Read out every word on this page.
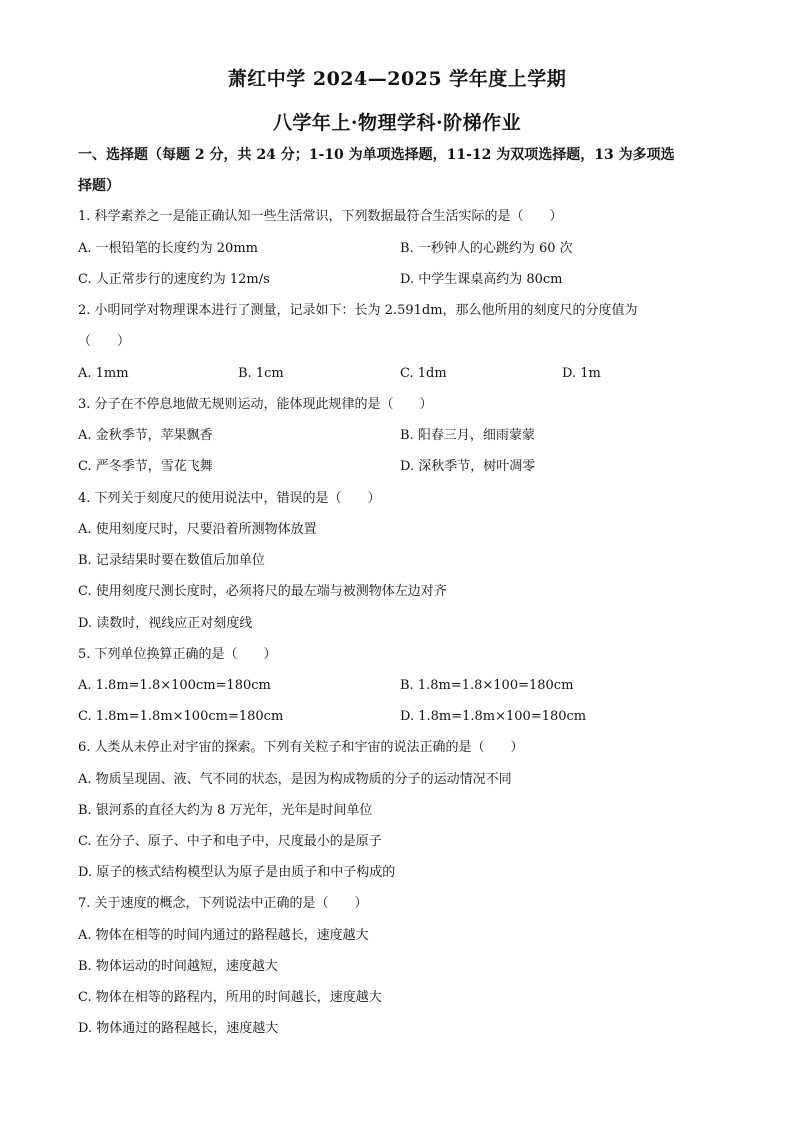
萧红中学 2024—2025 学年度上学期
八学年上·物理学科·阶梯作业
一、选择题（每题 2 分，共 24 分；1-10 为单项选择题，11-12 为双项选择题，13 为多项选
择题）
1. 科学素养之一是能正确认知一些生活常识，下列数据最符合生活实际的是（　　）
A. 一根铅笔的长度约为 20mm	B. 一秒钟人的心跳约为 60 次
C. 人正常步行的速度约为 12m/s	D. 中学生课桌高约为 80cm
2. 小明同学对物理课本进行了测量，记录如下：长为 2.591dm，那么他所用的刻度尺的分度值为
（　　）
A. 1mm	B. 1cm	C. 1dm	D. 1m
3. 分子在不停息地做无规则运动，能体现此规律的是（　　）
A. 金秋季节，苹果飘香	B. 阳春三月，细雨蒙蒙
C. 严冬季节，雪花飞舞	D. 深秋季节，树叶凋零
4. 下列关于刻度尺的使用说法中，错误的是（　　）
A. 使用刻度尺时，尺要沿着所测物体放置
B. 记录结果时要在数值后加单位
C. 使用刻度尺测长度时，必须将尺的最左端与被测物体左边对齐
D. 读数时，视线应正对刻度线
5. 下列单位换算正确的是（　　）
A. 1.8m=1.8×100cm=180cm	B. 1.8m=1.8×100=180cm
C. 1.8m=1.8m×100cm=180cm	D. 1.8m=1.8m×100=180cm
6. 人类从未停止对宇宙的探索。下列有关粒子和宇宙的说法正确的是（　　）
A. 物质呈现固、液、气不同的状态，是因为构成物质的分子的运动情况不同
B. 银河系的直径大约为 8 万光年，光年是时间单位
C. 在分子、原子、中子和电子中，尺度最小的是原子
D. 原子的核式结构模型认为原子是由质子和中子构成的
7. 关于速度的概念，下列说法中正确的是（　　）
A. 物体在相等的时间内通过的路程越长，速度越大
B. 物体运动的时间越短，速度越大
C. 物体在相等的路程内，所用的时间越长，速度越大
D. 物体通过的路程越长，速度越大
